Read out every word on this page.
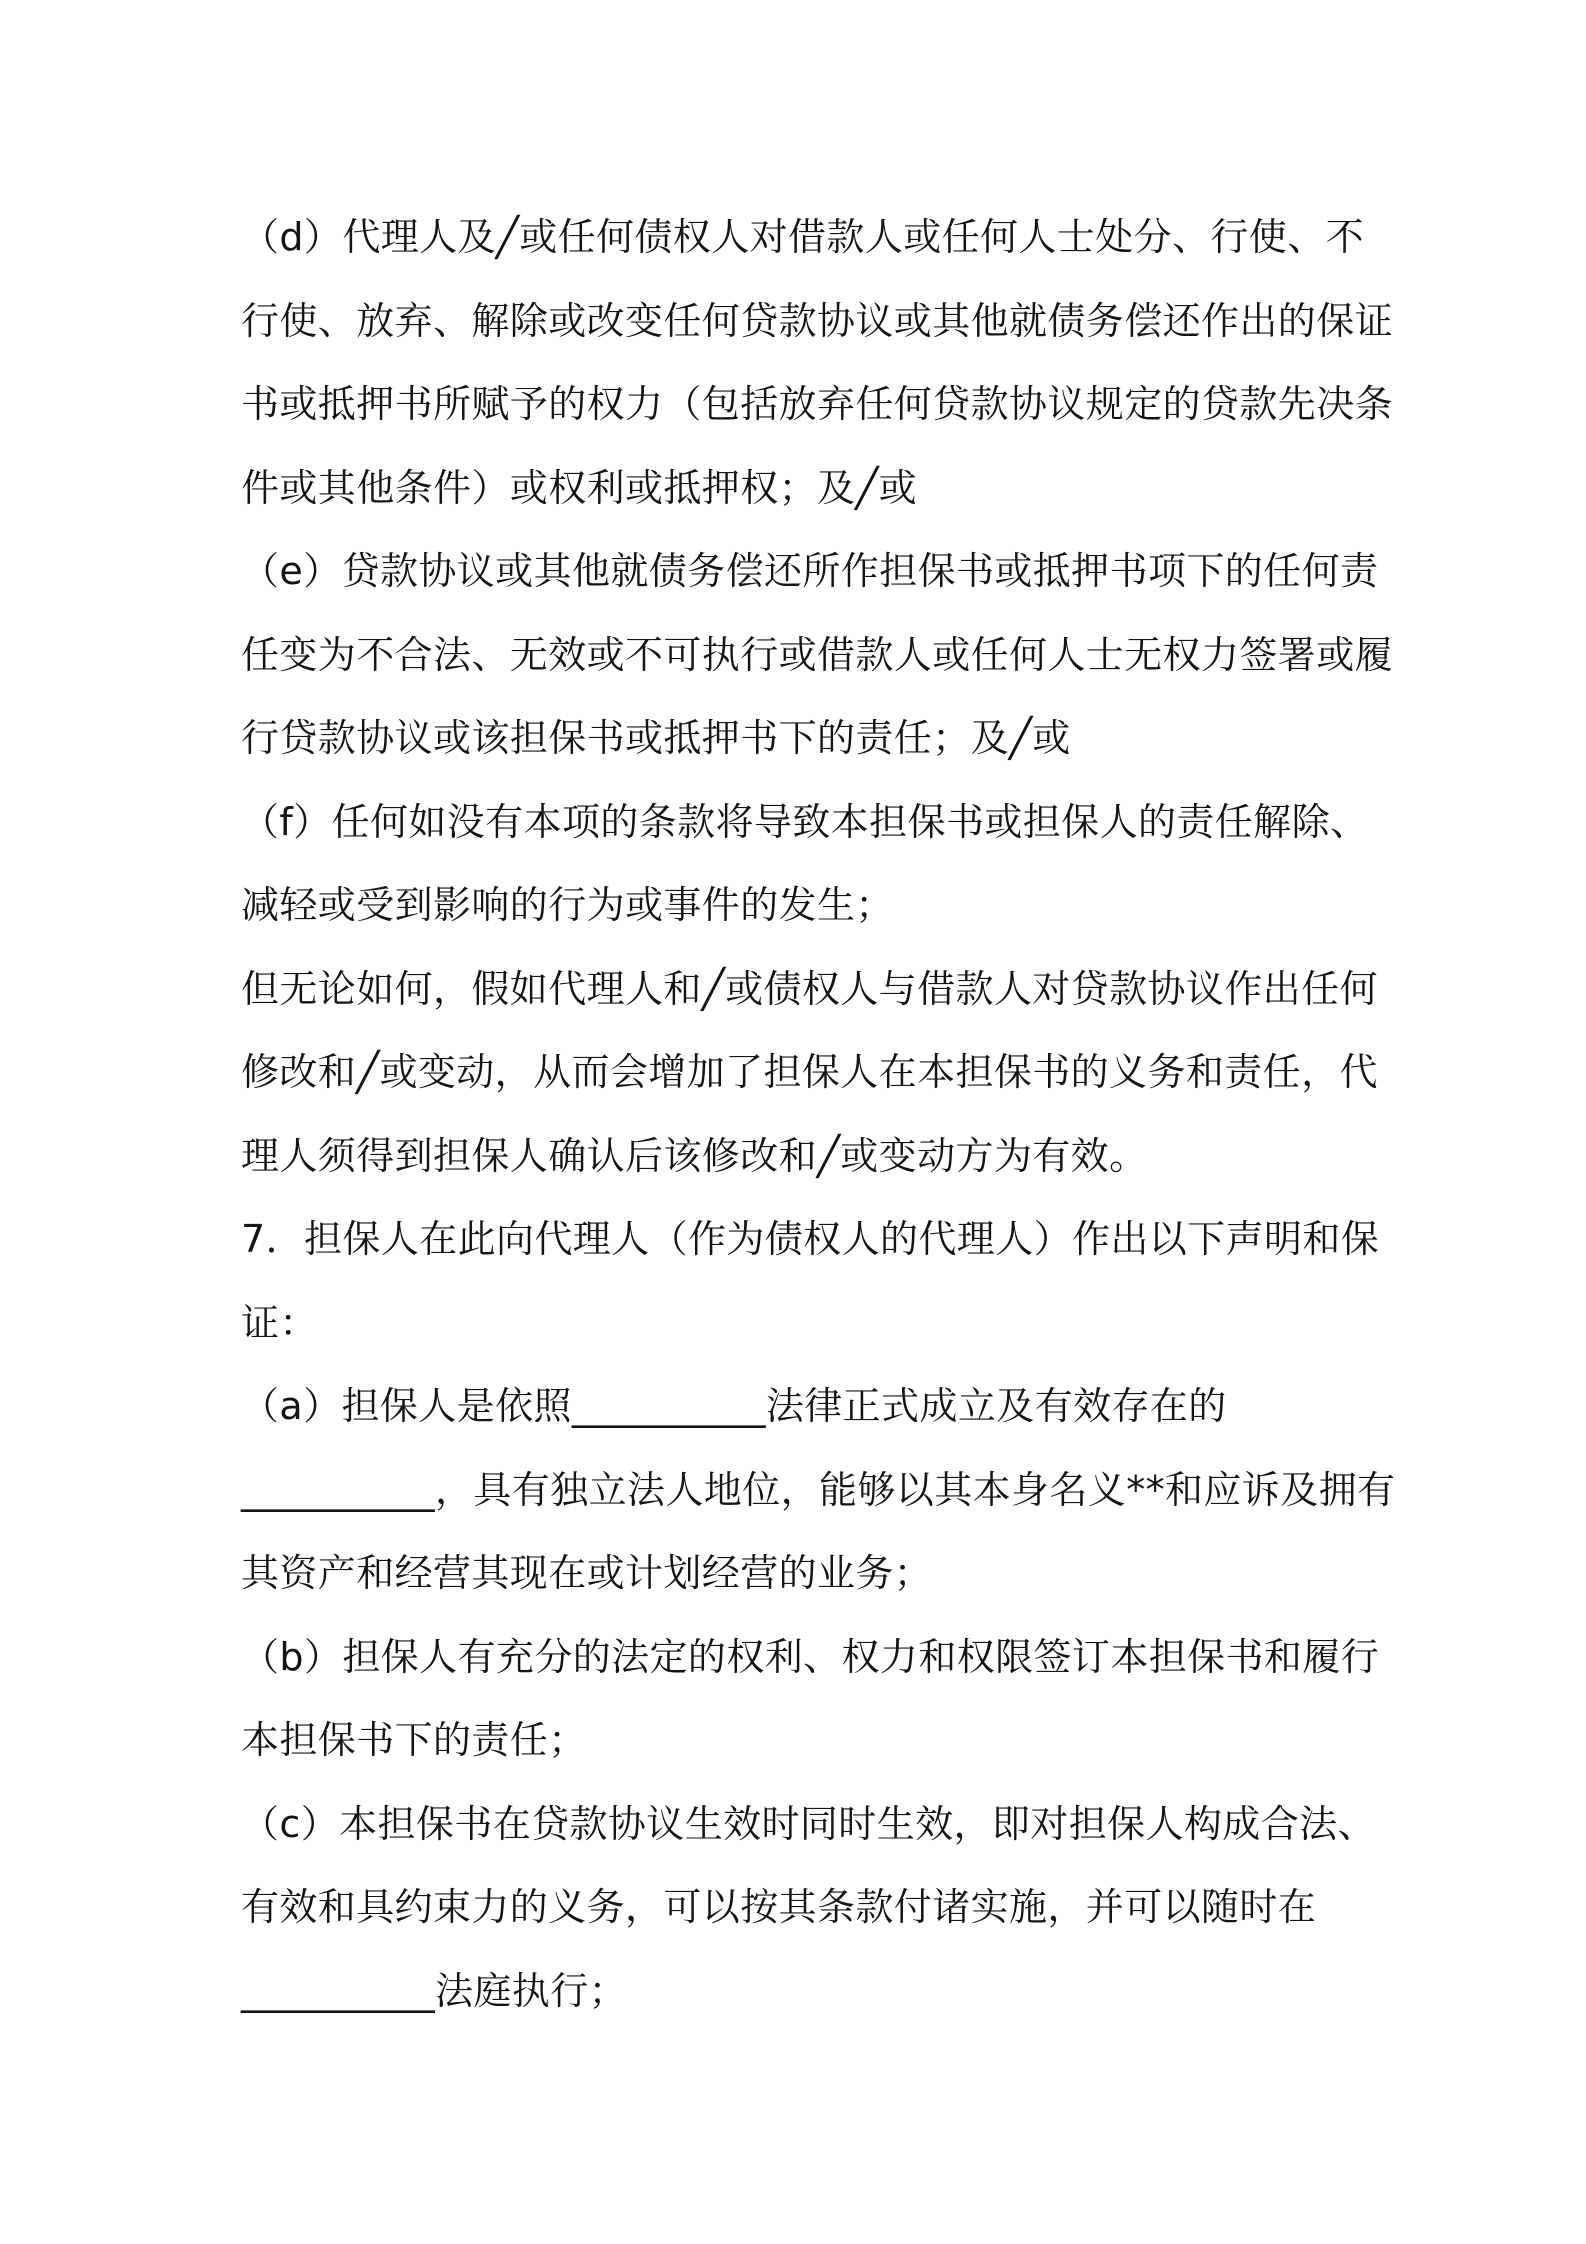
（d）代理人及╱或任何债权人对借款人或任何人士处分、行使、不
行使、放弃、解除或改变任何贷款协议或其他就债务偿还作出的保证
书或抵押书所赋予的权力（包括放弃任何贷款协议规定的贷款先决条
件或其他条件）或权利或抵押权；及╱或
（e）贷款协议或其他就债务偿还所作担保书或抵押书项下的任何责
任变为不合法、无效或不可执行或借款人或任何人士无权力签署或履
行贷款协议或该担保书或抵押书下的责任；及╱或
（f）任何如没有本项的条款将导致本担保书或担保人的责任解除、
减轻或受到影响的行为或事件的发生；
但无论如何，假如代理人和╱或债权人与借款人对贷款协议作出任何
修改和╱或变动，从而会增加了担保人在本担保书的义务和责任，代
理人须得到担保人确认后该修改和╱或变动方为有效。
7．担保人在此向代理人（作为债权人的代理人）作出以下声明和保
证：
（a）担保人是依照__________法律正式成立及有效存在的
__________，具有独立法人地位，能够以其本身名义**和应诉及拥有
其资产和经营其现在或计划经营的业务；
（b）担保人有充分的法定的权利、权力和权限签订本担保书和履行
本担保书下的责任；
（c）本担保书在贷款协议生效时同时生效，即对担保人构成合法、
有效和具约束力的义务，可以按其条款付诸实施，并可以随时在
__________法庭执行；
